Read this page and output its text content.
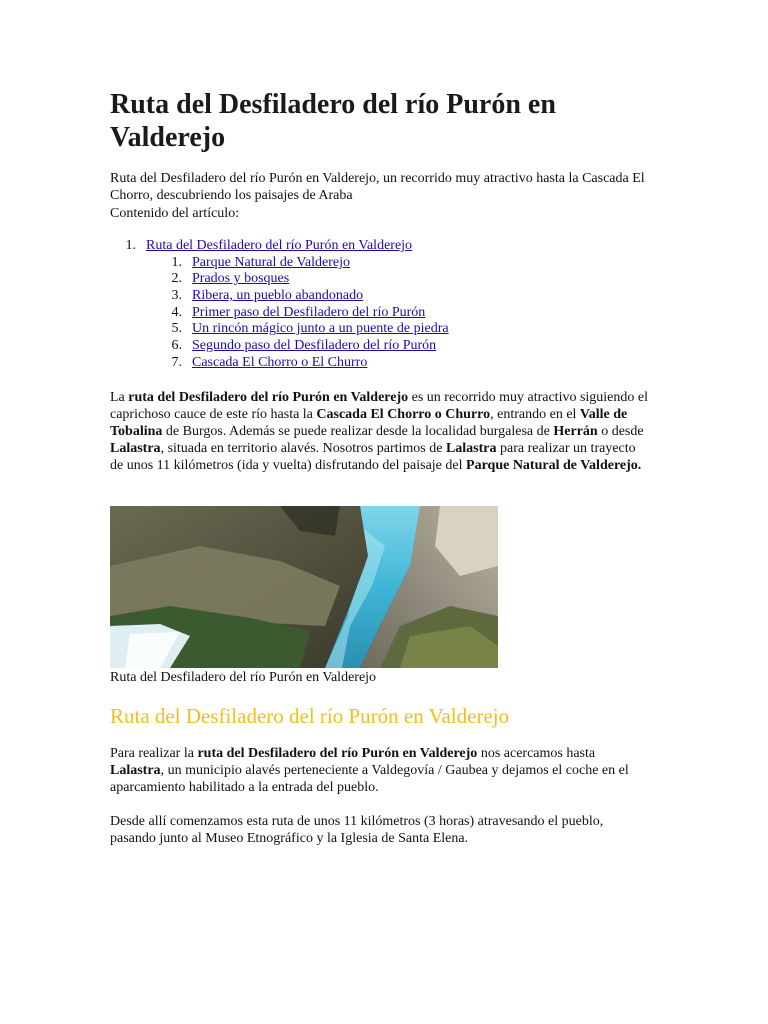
Ruta del Desfiladero del río Purón en Valderejo

Ruta del Desfiladero del río Purón en Valderejo, un recorrido muy atractivo hasta la Cascada El Chorro, descubriendo los paisajes de Araba

Contenido del artículo:

1. Ruta del Desfiladero del río Purón en Valderejo
1. Parque Natural de Valderejo
2. Prados y bosques
3. Ribera, un pueblo abandonado
4. Primer paso del Desfiladero del río Purón
5. Un rincón mágico junto a un puente de piedra
6. Segundo paso del Desfiladero del río Purón
7. Cascada El Chorro o El Churro

La ruta del Desfiladero del río Purón en Valderejo es un recorrido muy atractivo siguiendo el caprichoso cauce de este río hasta la Cascada El Chorro o Churro, entrando en el Valle de Tobalina de Burgos. Además se puede realizar desde la localidad burgalesa de Herrán o desde Lalastra, situada en territorio alavés. Nosotros partimos de Lalastra para realizar un trayecto de unos 11 kilómetros (ida y vuelta) disfrutando del paisaje del Parque Natural de Valderejo.

Ruta del Desfiladero del río Purón en Valderejo

Ruta del Desfiladero del río Purón en Valderejo

Para realizar la ruta del Desfiladero del río Purón en Valderejo nos acercamos hasta Lalastra, un municipio alavés perteneciente a Valdegovía / Gaubea y dejamos el coche en el aparcamiento habilitado a la entrada del pueblo.

Desde allí comenzamos esta ruta de unos 11 kilómetros (3 horas) atravesando el pueblo, pasando junto al Museo Etnográfico y la Iglesia de Santa Elena.
